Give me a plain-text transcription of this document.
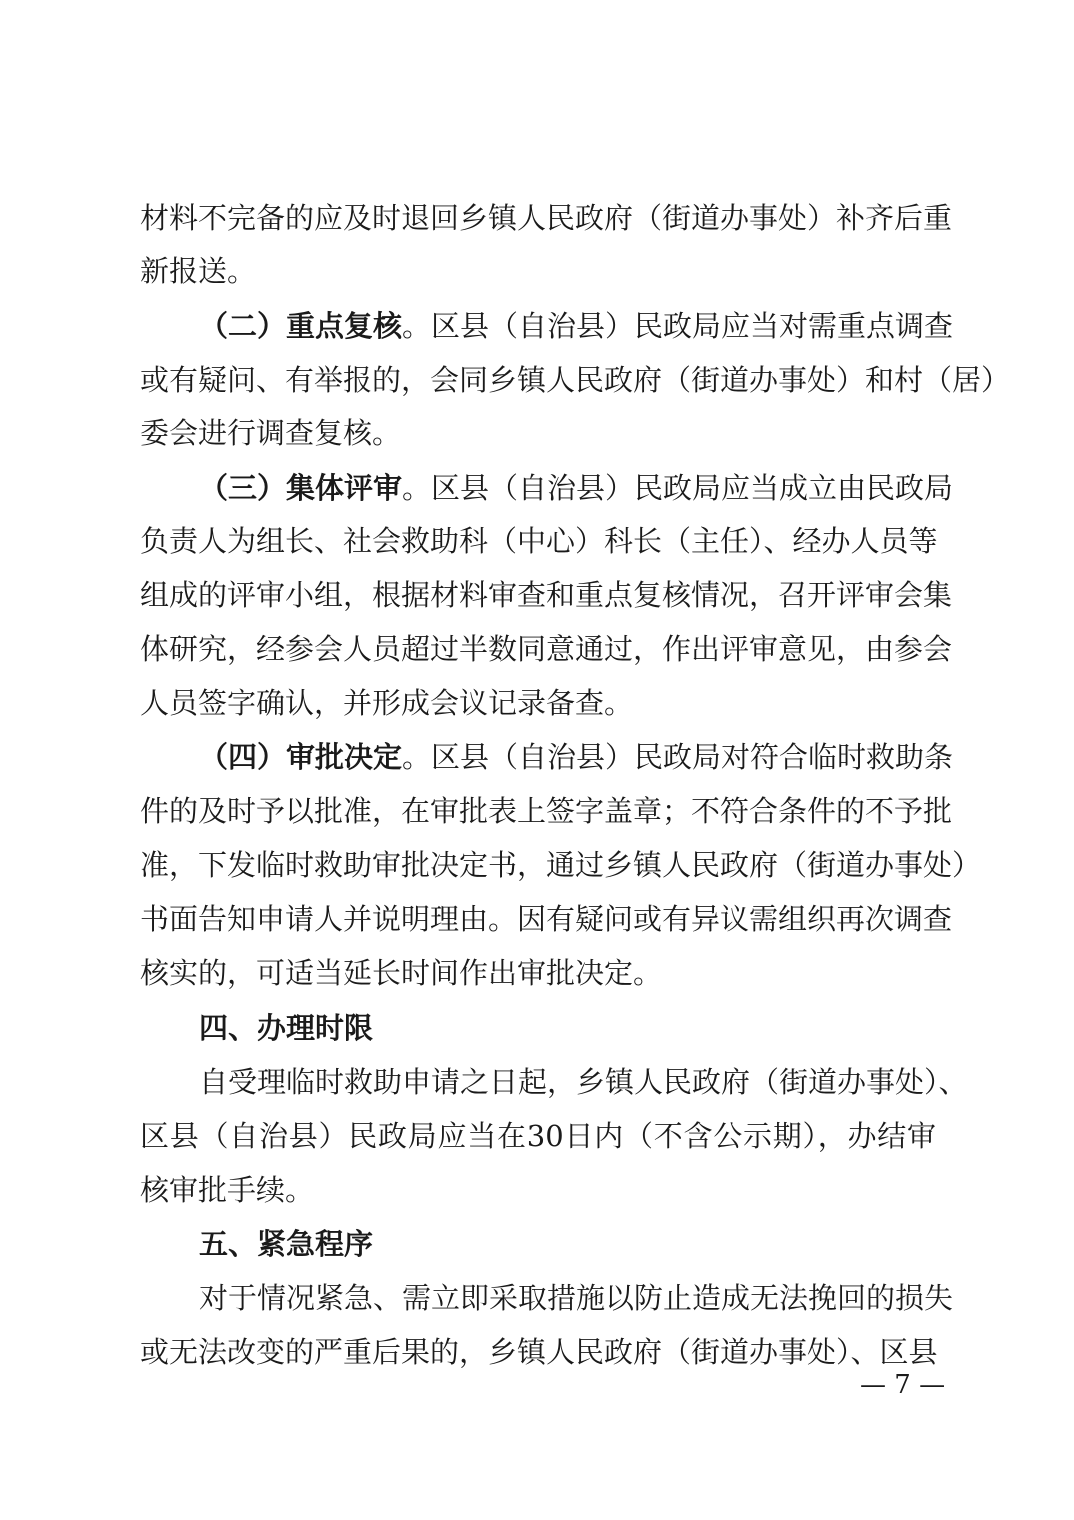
材料不完备的应及时退回乡镇人民政府（街道办事处）补齐后重
新报送。
（二）重点复核。区县（自治县）民政局应当对需重点调查
或有疑问、有举报的，会同乡镇人民政府（街道办事处）和村（居）
委会进行调查复核。
（三）集体评审。区县（自治县）民政局应当成立由民政局
负责人为组长、社会救助科（中心）科长（主任）、经办人员等
组成的评审小组，根据材料审查和重点复核情况，召开评审会集
体研究，经参会人员超过半数同意通过，作出评审意见，由参会
人员签字确认，并形成会议记录备查。
（四）审批决定。区县（自治县）民政局对符合临时救助条
件的及时予以批准，在审批表上签字盖章；不符合条件的不予批
准，下发临时救助审批决定书，通过乡镇人民政府（街道办事处）
书面告知申请人并说明理由。因有疑问或有异议需组织再次调查
核实的，可适当延长时间作出审批决定。
四、办理时限
自受理临时救助申请之日起，乡镇人民政府（街道办事处）、
区县（自治县）民政局应当在30日内（不含公示期），办结审
核审批手续。
五、紧急程序
对于情况紧急、需立即采取措施以防止造成无法挽回的损失
或无法改变的严重后果的，乡镇人民政府（街道办事处）、区县
— 7 —
